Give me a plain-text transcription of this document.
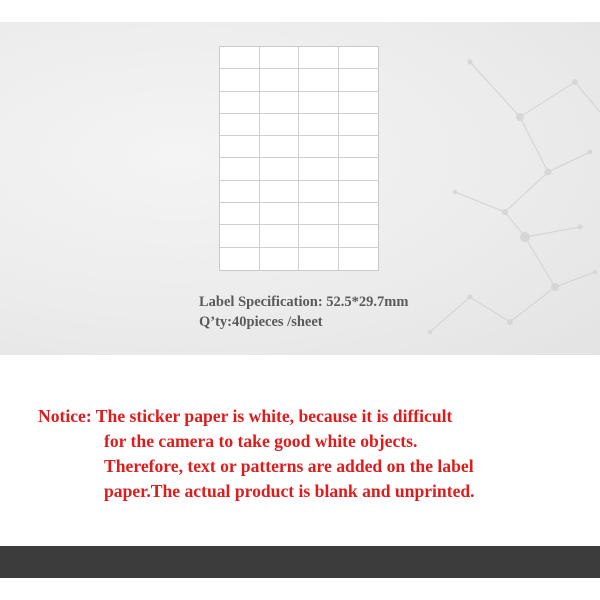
Label Specification: 52.5*29.7mm
Q’ty:40pieces /sheet
Notice: The sticker paper is white, because it is difficult
for the camera to take good white objects.
Therefore, text or patterns are added on the label
paper.The actual product is blank and unprinted.
